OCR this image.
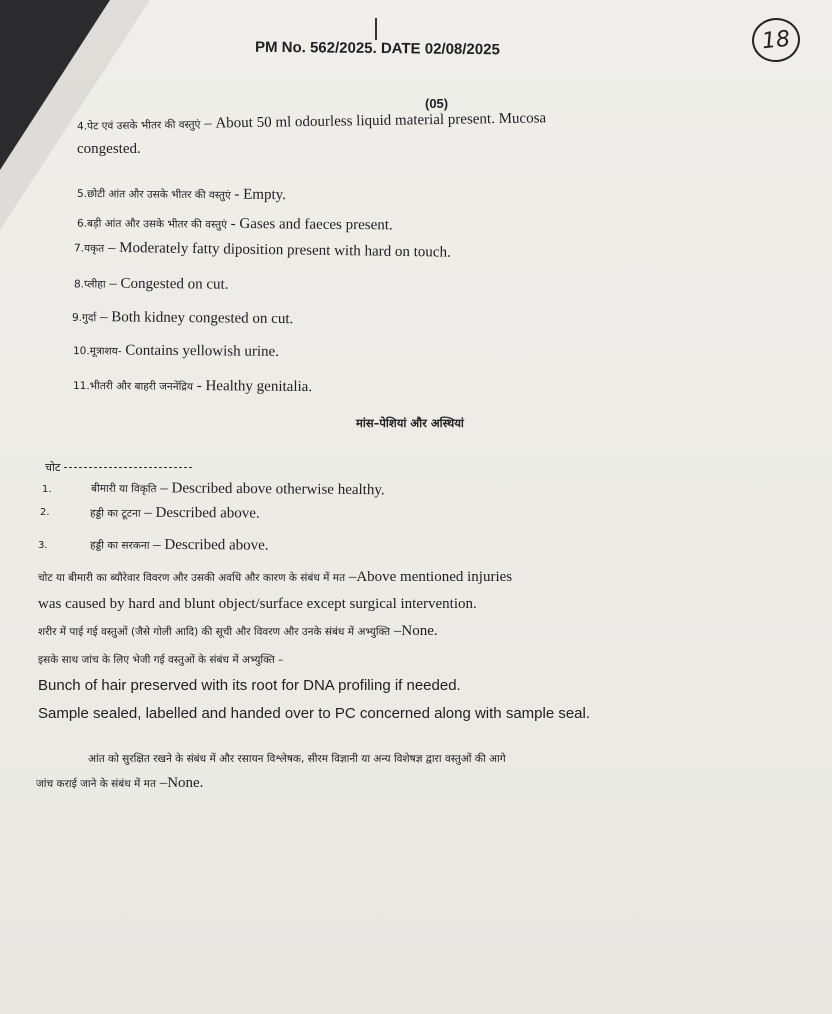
18
PM No. 562/2025. DATE 02/08/2025
(05)
4.पेट एवं उसके भीतर की वस्तुएं – About 50 ml odourless liquid material present. Mucosa
congested.
5.छोटी आंत और उसके भीतर की वस्तुएं - Empty.
6.बड़ी आंत और उसके भीतर की वस्तुएं - Gases and faeces present.
7.यकृत – Moderately fatty diposition present with hard on touch.
8.प्लीहा – Congested on cut.
9.गुर्दा – Both kidney congested on cut.
10.मूत्राशय- Contains yellowish urine.
11.भीतरी और बाहरी जननेंद्रिय - Healthy genitalia.
मांस–पेशियां और अस्थियां
चोट
1.	बीमारी या विकृति – Described above otherwise healthy.
2.	हड्डी का टूटना – Described above.
3.	हड्डी का सरकना – Described above.
चोट या बीमारी का ब्यौरेवार विवरण और उसकी अवधि और कारण के संबंध में मत –Above mentioned injuries
was caused by hard and blunt object/surface except surgical intervention.
शरीर में पाई गई वस्तुओं (जैसे गोली आदि) की सूची और विवरण और उनके संबंध में अभ्युक्ति –None.
इसके साथ जांच के लिए भेजी गई वस्तुओं के संबंध में अभ्युक्ति –
Bunch of hair preserved with its root for DNA profiling if needed.
Sample sealed, labelled and handed over to PC concerned along with sample seal.
आंत को सुरक्षित रखने के संबंध में और रसायन विश्लेषक, सीरम विज्ञानी या अन्य विशेषज्ञ द्वारा वस्तुओं की आगे
जांच कराई जाने के संबंध में मत –None.
